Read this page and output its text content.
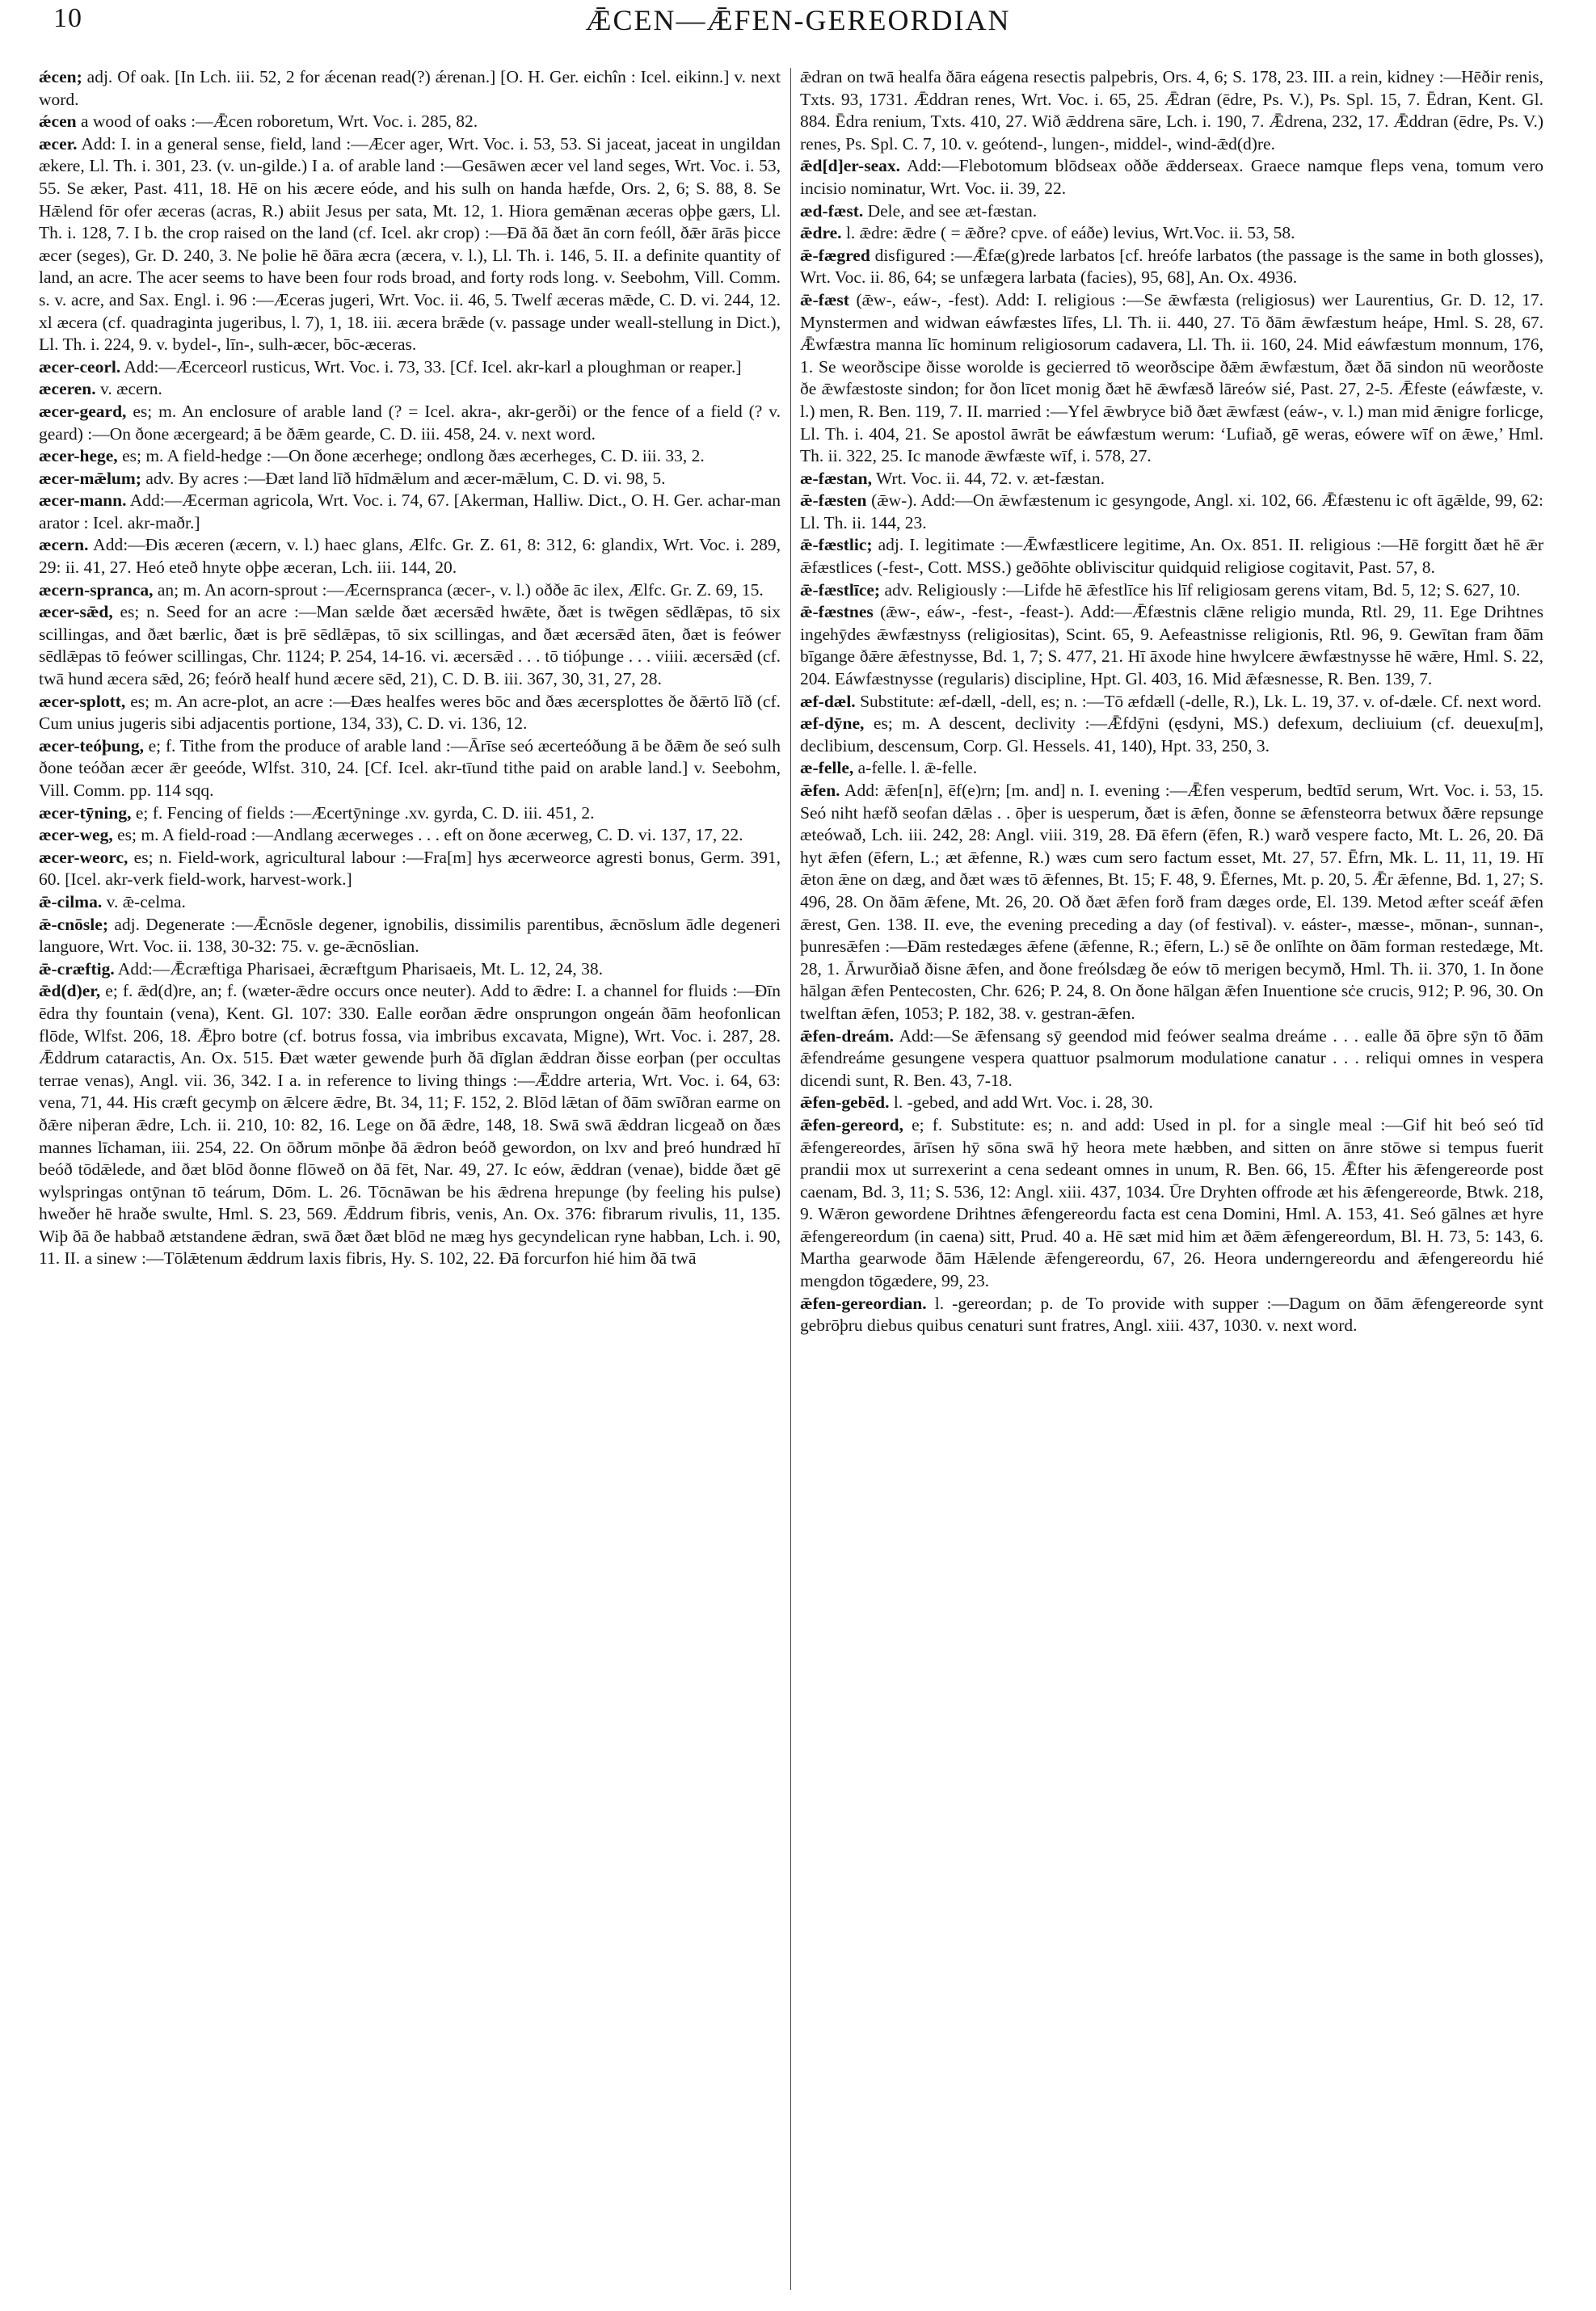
10	ǢCEN—ǢFEN-GEREORDIAN

ǽcen; adj. Of oak. [In Lch. iii. 52, 2 for ǽcenan read(?) ǽrenan.] [O. H. Ger. eichîn : Icel. eikinn.] v. next word.

ǽcen a wood of oaks :—Ǣcen roboretum, Wrt. Voc. i. 285, 82.

æcer. Add: I. in a general sense, field, land :—Æcer ager, Wrt. Voc. i. 53, 53. Si jaceat, jaceat in ungildan ækere, Ll. Th. i. 301, 23. (v. un-gilde.) I a. of arable land :—Gesāwen æcer vel land seges, Wrt. Voc. i. 53, 55. Se æker, Past. 411, 18. Hē on his æcere eóde, and his sulh on handa hæfde, Ors. 2, 6; S. 88, 8. Se Hǣlend fōr ofer æceras (acras, R.) abiit Jesus per sata, Mt. 12, 1. Hiora gemǣnan æceras oþþe gærs, Ll. Th. i. 128, 7. I b. the crop raised on the land (cf. Icel. akr crop) :—Ðā ðā ðæt ān corn feóll, ðǣr ārās þicce æcer (seges), Gr. D. 240, 3. Ne þolie hē ðāra æcra (æcera, v. l.), Ll. Th. i. 146, 5. II. a definite quantity of land, an acre. The acer seems to have been four rods broad, and forty rods long. v. Seebohm, Vill. Comm. s. v. acre, and Sax. Engl. i. 96 :—Æceras jugeri, Wrt. Voc. ii. 46, 5. Twelf æceras mǣde, C. D. vi. 244, 12. xl æcera (cf. quadraginta jugeribus, l. 7), 1, 18. iii. æcera brǣde (v. passage under weall-stellung in Dict.), Ll. Th. i. 224, 9. v. bydel-, līn-, sulh-æcer, bōc-æceras.

æcer-ceorl. Add:—Æcerceorl rusticus, Wrt. Voc. i. 73, 33. [Cf. Icel. akr-karl a ploughman or reaper.]

æceren. v. æcern.

æcer-geard, es; m. An enclosure of arable land (? = Icel. akra-, akr-gerði) or the fence of a field (? v. geard) :—On ðone æcergeard; ā be ðǣm gearde, C. D. iii. 458, 24. v. next word.

æcer-hege, es; m. A field-hedge :—On ðone æcerhege; ondlong ðæs æcerheges, C. D. iii. 33, 2.

æcer-mǣlum; adv. By acres :—Ðæt land līð hīdmǣlum and æcer-mǣlum, C. D. vi. 98, 5.

æcer-mann. Add:—Æcerman agricola, Wrt. Voc. i. 74, 67. [Akerman, Halliw. Dict., O. H. Ger. achar-man arator : Icel. akr-maðr.]

æcern. Add:—Ðis æceren (æcern, v. l.) haec glans, Ælfc. Gr. Z. 61, 8: 312, 6: glandix, Wrt. Voc. i. 289, 29: ii. 41, 27. Heó eteð hnyte oþþe æceran, Lch. iii. 144, 20.

æcern-spranca, an; m. An acorn-sprout :—Æcernspranca (æcer-, v. l.) oððe āc ilex, Ælfc. Gr. Z. 69, 15.

æcer-sǣd, es; n. Seed for an acre :—Man sælde ðæt æcersǣd hwǣte, ðæt is twēgen sēdlǣpas, tō six scillingas, and ðæt bærlic, ðæt is þrē sēdlǣpas, tō six scillingas, and ðæt æcersǣd āten, ðæt is feówer sēdlǣpas tō feówer scillingas, Chr. 1124; P. 254, 14-16. vi. æcersǣd . . . tō tióþunge . . . viiii. æcersǣd (cf. twā hund æcera sǣd, 26; feórð healf hund æcere sēd, 21), C. D. B. iii. 367, 30, 31, 27, 28.

æcer-splott, es; m. An acre-plot, an acre :—Ðæs healfes weres bōc and ðæs æcersplottes ðe ðǣrtō līð (cf. Cum unius jugeris sibi adjacentis portione, 134, 33), C. D. vi. 136, 12.

æcer-teóþung, e; f. Tithe from the produce of arable land :—Ārīse seó æcerteóðung ā be ðǣm ðe seó sulh ðone teóðan æcer ǣr geeóde, Wlfst. 310, 24. [Cf. Icel. akr-tīund tithe paid on arable land.] v. Seebohm, Vill. Comm. pp. 114 sqq.

æcer-tȳning, e; f. Fencing of fields :—Æcertȳninge .xv. gyrda, C. D. iii. 451, 2.

æcer-weg, es; m. A field-road :—Andlang æcerweges . . . eft on ðone æcerweg, C. D. vi. 137, 17, 22.

æcer-weorc, es; n. Field-work, agricultural labour :—Fra[m] hys æcerweorce agresti bonus, Germ. 391, 60. [Icel. akr-verk field-work, harvest-work.]

ǣ-cilma. v. ǣ-celma.

ǣ-cnōsle; adj. Degenerate :—Ǣcnōsle degener, ignobilis, dissimilis parentibus, ǣcnōslum ādle degeneri languore, Wrt. Voc. ii. 138, 30-32: 75. v. ge-ǣcnōslian.

ǣ-cræftig. Add:—Ǣcræftiga Pharisaei, ǣcræftgum Pharisaeis, Mt. L. 12, 24, 38.

ǣd(d)er, e; f. ǣd(d)re, an; f. (wæter-ǣdre occurs once neuter). Add to ǣdre: I. a channel for fluids :—Ðīn ēdra thy fountain (vena), Kent. Gl. 107: 330. Ealle eorðan ǣdre onsprungon ongeán ðām heofonlican flōde, Wlfst. 206, 18. Ǣþro botre (cf. botrus fossa, via imbribus excavata, Migne), Wrt. Voc. i. 287, 28. Ǣddrum cataractis, An. Ox. 515. Ðæt wæter gewende þurh ðā dīglan ǣddran ðisse eorþan (per occultas terrae venas), Angl. vii. 36, 342. I a. in reference to living things :—Ǣddre arteria, Wrt. Voc. i. 64, 63: vena, 71, 44. His cræft gecymþ on ǣlcere ǣdre, Bt. 34, 11; F. 152, 2. Blōd lǣtan of ðām swīðran earme on ðǣre niþeran ǣdre, Lch. ii. 210, 10: 82, 16. Lege on ðā ǣdre, 148, 18. Swā swā ǣddran licgeað on ðæs mannes līchaman, iii. 254, 22. On ōðrum mōnþe ðā ǣdron beóð gewordon, on lxv and þreó hundræd hī beóð tōdǣlede, and ðæt blōd ðonne flōweð on ðā fēt, Nar. 49, 27. Ic eów, ǣddran (venae), bidde ðæt gē wylspringas ontȳnan tō teárum, Dōm. L. 26. Tōcnāwan be his ǣdrena hrepunge (by feeling his pulse) hweðer hē hraðe swulte, Hml. S. 23, 569. Ǣddrum fibris, venis, An. Ox. 376: fibrarum rivulis, 11, 135. Wiþ ðā ðe habbað ætstandene ǣdran, swā ðæt ðæt blōd ne mæg hys gecyndelican ryne habban, Lch. i. 90, 11. II. a sinew :—Tōlǣtenum ǣddrum laxis fibris, Hy. S. 102, 22. Ðā forcurfon hié him ðā twā

ǣdran on twā healfa ðāra eágena resectis palpebris, Ors. 4, 6; S. 178, 23. III. a rein, kidney :—Hēðir renis, Txts. 93, 1731. Ǣddran renes, Wrt. Voc. i. 65, 25. Ǣdran (ēdre, Ps. V.), Ps. Spl. 15, 7. Ēdran, Kent. Gl. 884. Ēdra renium, Txts. 410, 27. Wið ǣddrena sāre, Lch. i. 190, 7. Ǣdrena, 232, 17. Ǣddran (ēdre, Ps. V.) renes, Ps. Spl. C. 7, 10. v. geótend-, lungen-, middel-, wind-ǣd(d)re.

ǣd[d]er-seax. Add:—Flebotomum blōdseax oððe ǣdderseax. Graece namque fleps vena, tomum vero incisio nominatur, Wrt. Voc. ii. 39, 22.

æd-fæst. Dele, and see æt-fæstan.

ǣdre. l. ǣdre: ǣdre ( = ǣðre? cpve. of eáðe) levius, Wrt.Voc. ii. 53, 58.

ǣ-fægred disfigured :—Ǣfæ(g)rede larbatos [cf. hreófe larbatos (the passage is the same in both glosses), Wrt. Voc. ii. 86, 64; se unfægera larbata (facies), 95, 68], An. Ox. 4936.

ǣ-fæst (ǣw-, eáw-, -fest). Add: I. religious :—Se ǣwfæsta (religiosus) wer Laurentius, Gr. D. 12, 17. Mynstermen and widwan eáwfæstes līfes, Ll. Th. ii. 440, 27. Tō ðām ǣwfæstum heápe, Hml. S. 28, 67. Ǣwfæstra manna līc hominum religiosorum cadavera, Ll. Th. ii. 160, 24. Mid eáwfæstum monnum, 176, 1. Se weorðscipe ðisse worolde is gecierred tō weorðscipe ðǣm ǣwfæstum, ðæt ðā sindon nū weorðoste ðe ǣwfæstoste sindon; for ðon līcet monig ðæt hē ǣwfæsð lāreów sié, Past. 27, 2-5. Ǣfeste (eáwfæste, v. l.) men, R. Ben. 119, 7. II. married :—Yfel ǣwbryce bið ðæt ǣwfæst (eáw-, v. l.) man mid ǣnigre forlicge, Ll. Th. i. 404, 21. Se apostol āwrāt be eáwfæstum werum: ‘Lufiað, gē weras, eówere wīf on ǣwe,’ Hml. Th. ii. 322, 25. Ic manode ǣwfæste wīf, i. 578, 27.

æ-fæstan, Wrt. Voc. ii. 44, 72. v. æt-fæstan.

ǣ-fæsten (ǣw-). Add:—On ǣwfæstenum ic gesyngode, Angl. xi. 102, 66. Ǣfæstenu ic oft āgǣlde, 99, 62: Ll. Th. ii. 144, 23.

ǣ-fæstlic; adj. I. legitimate :—Ǣwfæstlicere legitime, An. Ox. 851. II. religious :—Hē forgitt ðæt hē ǣr ǣfæstlices (-fest-, Cott. MSS.) geðōhte obliviscitur quidquid religiose cogitavit, Past. 57, 8.

ǣ-fæstlīce; adv. Religiously :—Lifde hē ǣfestlīce his līf religiosam gerens vitam, Bd. 5, 12; S. 627, 10.

ǣ-fæstnes (ǣw-, eáw-, -fest-, -feast-). Add:—Ǣfæstnis clǣne religio munda, Rtl. 29, 11. Ege Drihtnes ingehȳdes ǣwfæstnyss (religiositas), Scint. 65, 9. Aefeastnisse religionis, Rtl. 96, 9. Gewītan fram ðām bīgange ðǣre ǣfestnysse, Bd. 1, 7; S. 477, 21. Hī āxode hine hwylcere ǣwfæstnysse hē wǣre, Hml. S. 22, 204. Eáwfæstnysse (regularis) discipline, Hpt. Gl. 403, 16. Mid ǣfæsnesse, R. Ben. 139, 7.

æf-dæl. Substitute: æf-dæll, -dell, es; n. :—Tō æfdæll (-delle, R.), Lk. L. 19, 37. v. of-dæle. Cf. next word.

æf-dȳne, es; m. A descent, declivity :—Ǣfdȳni (ęsdyni, MS.) defexum, decliuium (cf. deuexu[m], declibium, descensum, Corp. Gl. Hessels. 41, 140), Hpt. 33, 250, 3.

æ-felle, a-felle. l. ǣ-felle.

ǣfen. Add: ǣfen[n], ēf(e)rn; [m. and] n. I. evening :—Ǣfen vesperum, bedtīd serum, Wrt. Voc. i. 53, 15. Seó niht hæfð seofan dǣlas . . ōþer is uesperum, ðæt is ǣfen, ðonne se ǣfensteorra betwux ðǣre repsunge æteówað, Lch. iii. 242, 28: Angl. viii. 319, 28. Ðā ēfern (ēfen, R.) warð vespere facto, Mt. L. 26, 20. Ðā hyt ǣfen (ēfern, L.; æt ǣfenne, R.) wæs cum sero factum esset, Mt. 27, 57. Ēfrn, Mk. L. 11, 11, 19. Hī ǣton ǣne on dæg, and ðæt wæs tō ǣfennes, Bt. 15; F. 48, 9. Ēfernes, Mt. p. 20, 5. Ǣr ǣfenne, Bd. 1, 27; S. 496, 28. On ðām ǣfene, Mt. 26, 20. Oð ðæt ǣfen forð fram dæges orde, El. 139. Metod æfter sceáf ǣfen ǣrest, Gen. 138. II. eve, the evening preceding a day (of festival). v. eáster-, mæsse-, mōnan-, sunnan-, þunresǣfen :—Ðām restedæges ǣfene (ǣfenne, R.; ēfern, L.) sē ðe onlīhte on ðām forman restedæge, Mt. 28, 1. Ārwurðiað ðisne ǣfen, and ðone freólsdæg ðe eów tō merigen becymð, Hml. Th. ii. 370, 1. In ðone hālgan ǣfen Pentecosten, Chr. 626; P. 24, 8. On ðone hālgan ǣfen Inuentione sċe crucis, 912; P. 96, 30. On twelftan ǣfen, 1053; P. 182, 38. v. gestran-ǣfen.

ǣfen-dreám. Add:—Se ǣfensang sȳ geendod mid feówer sealma dreáme . . . ealle ðā ōþre sȳn tō ðām ǣfendreáme gesungene vespera quattuor psalmorum modulatione canatur . . . reliqui omnes in vespera dicendi sunt, R. Ben. 43, 7-18.

ǣfen-gebēd. l. -gebed, and add Wrt. Voc. i. 28, 30.

ǣfen-gereord, e; f. Substitute: es; n. and add: Used in pl. for a single meal :—Gif hit beó seó tīd ǣfengereordes, ārīsen hȳ sōna swā hȳ heora mete hæbben, and sitten on ānre stōwe si tempus fuerit prandii mox ut surrexerint a cena sedeant omnes in unum, R. Ben. 66, 15. Ǣfter his ǣfengereorde post caenam, Bd. 3, 11; S. 536, 12: Angl. xiii. 437, 1034. Ūre Dryhten offrode æt his ǣfengereorde, Btwk. 218, 9. Wǣron gewordene Drihtnes ǣfengereordu facta est cena Domini, Hml. A. 153, 41. Seó gālnes æt hyre ǣfengereordum (in caena) sitt, Prud. 40 a. Hē sæt mid him æt ðǣm ǣfengereordum, Bl. H. 73, 5: 143, 6. Martha gearwode ðām Hǣlende ǣfengereordu, 67, 26. Heora underngereordu and ǣfengereordu hié mengdon tōgædere, 99, 23.

ǣfen-gereordian. l. -gereordan; p. de To provide with supper :—Dagum on ðām ǣfengereorde synt gebrōþru diebus quibus cenaturi sunt fratres, Angl. xiii. 437, 1030. v. next word.
